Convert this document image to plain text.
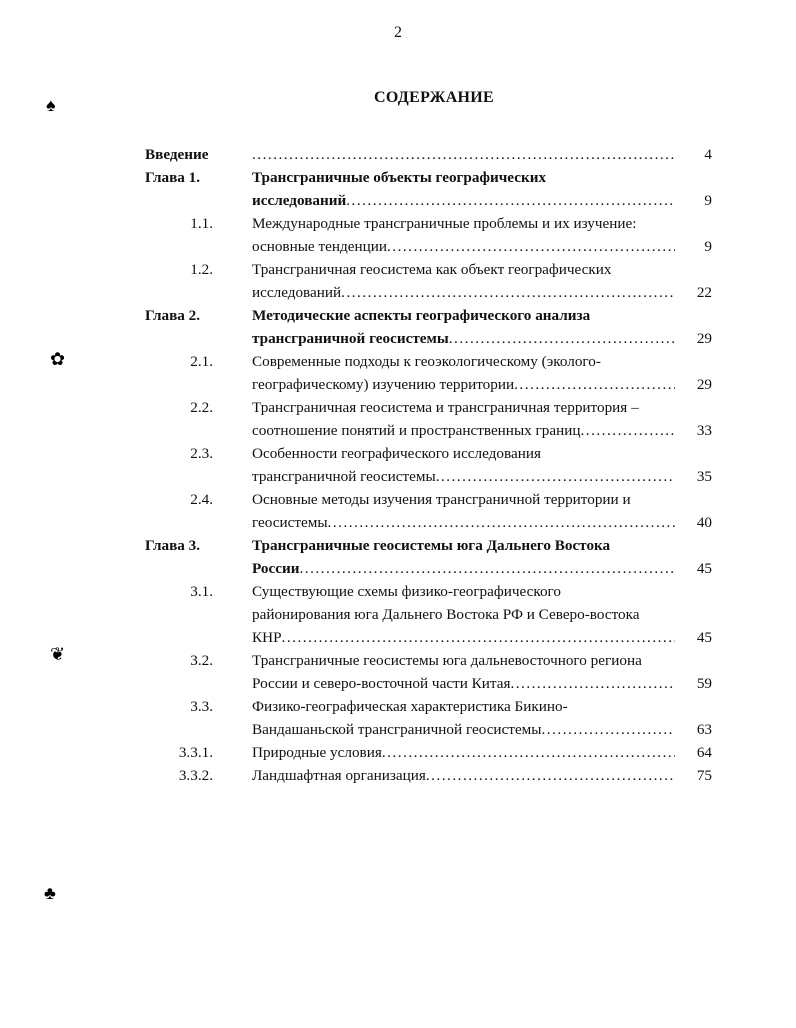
2
СОДЕРЖАНИЕ
Введение .....	4
Глава 1.	Трансграничные объекты географических
исследований .....	9
1.1.	Международные трансграничные проблемы и их изучение:
основные тенденции .....	9
1.2.	Трансграничная геосистема как объект географических
исследований .....	22
Глава 2.	Методические аспекты географического анализа
трансграничной геосистемы .....	29
2.1.	Современные подходы к геоэкологическому (эколого-
географическому) изучению территории .....	29
2.2.	Трансграничная геосистема и трансграничная территория –
соотношение понятий и пространственных границ .....	33
2.3.	Особенности географического исследования
трансграничной геосистемы .....	35
2.4.	Основные методы изучения трансграничной территории и
геосистемы .....	40
Глава 3.	Трансграничные геосистемы юга Дальнего Востока
России .....	45
3.1.	Существующие схемы физико-географического
районирования юга Дальнего Востока РФ и Северо-востока
КНР .....	45
3.2.	Трансграничные геосистемы юга дальневосточного региона
России и северо-восточной части Китая .....	59
3.3.	Физико-географическая характеристика Бикино-
Вандашаньской трансграничной геосистемы .....	63
3.3.1.	Природные условия .....	64
3.3.2.	Ландшафтная организация .....	75
♠
✿
❦
♣
